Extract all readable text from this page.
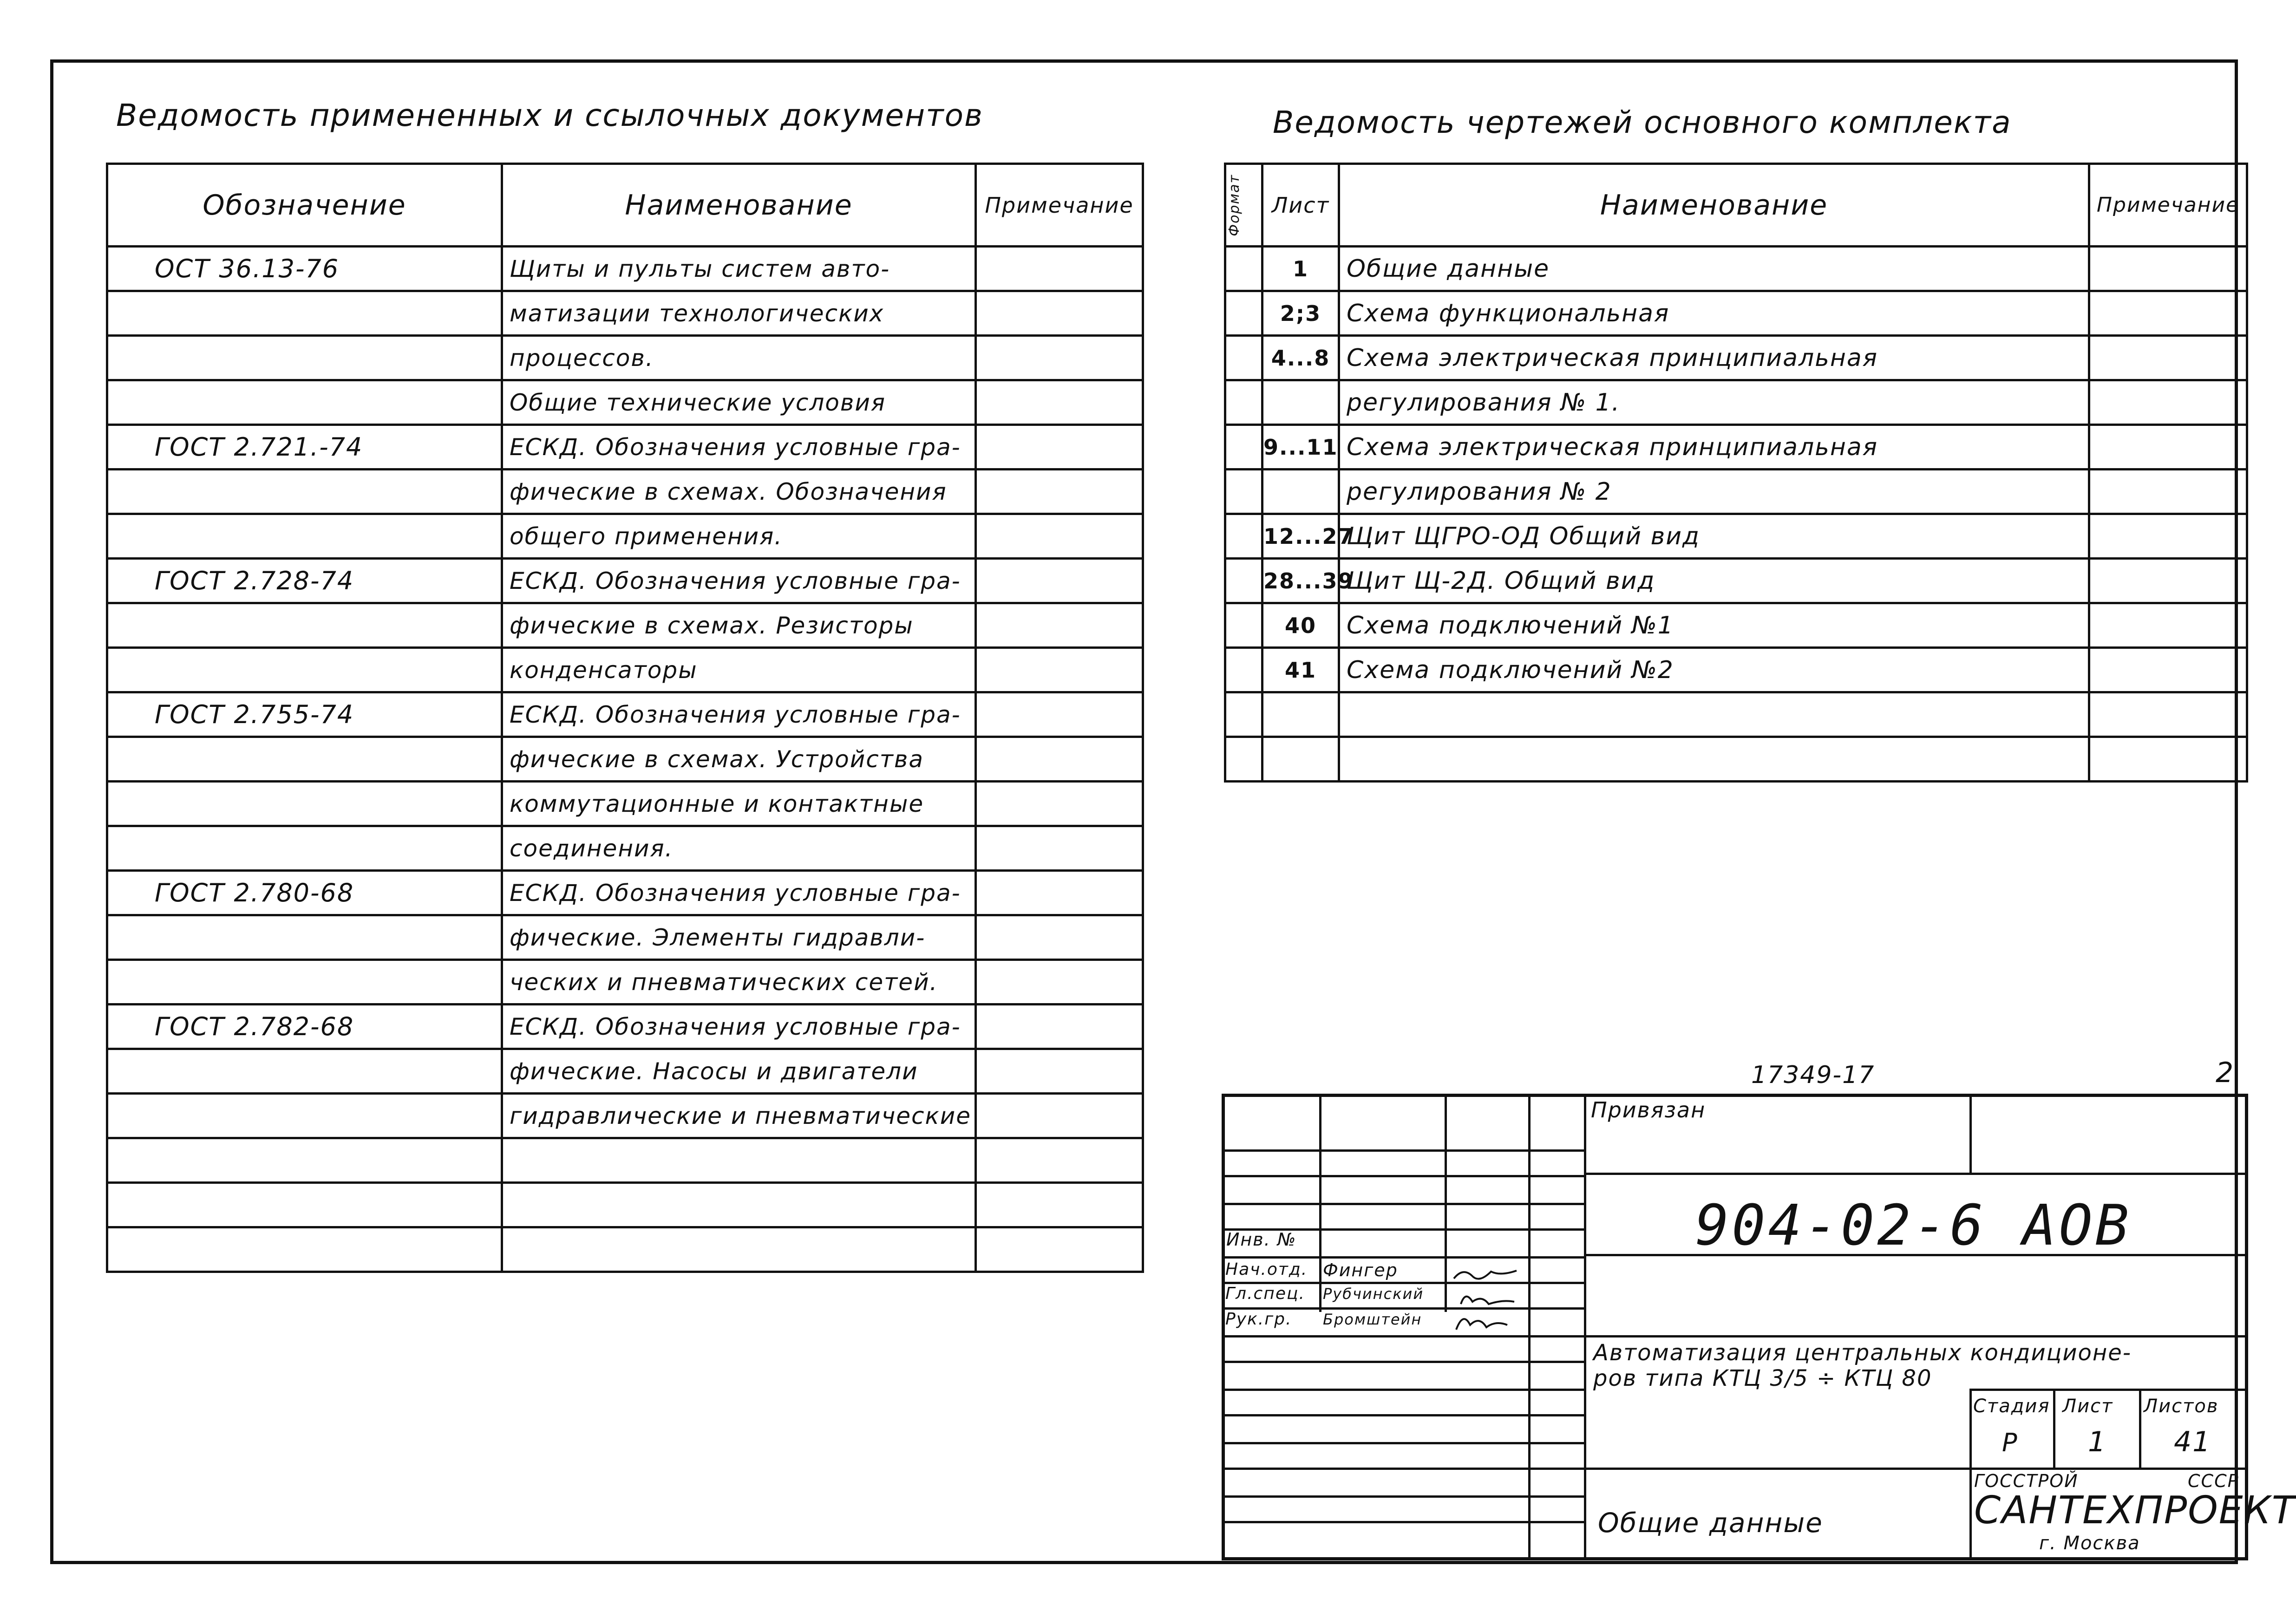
Ведомость примененных и ссылочных документов
Обозначение	Наименование	Примечание
ОСТ 36.13-76	Щиты и пульты систем авто-	
	матизации технологических	
	процессов.	
	Общие технические условия	
ГОСТ 2.721.-74	ЕСКД. Обозначения условные гра-	
	фические в схемах. Обозначения	
	общего применения.	
ГОСТ 2.728-74	ЕСКД. Обозначения условные гра-	
	фические в схемах. Резисторы	
	конденсаторы	
ГОСТ 2.755-74	ЕСКД. Обозначения условные гра-	
	фические в схемах. Устройства	
	коммутационные и контактные	
	соединения.	
ГОСТ 2.780-68	ЕСКД. Обозначения условные гра-	
	фические. Элементы гидравли-	
	ческих и пневматических сетей.	
ГОСТ 2.782-68	ЕСКД. Обозначения условные гра-	
	фические. Насосы и двигатели	
	гидравлические и пневматические	

Ведомость чертежей основного комплекта
Формат	Лист	Наименование	Примечание
	1	Общие данные	
	2;3	Схема функциональная	
	4...8	Схема электрическая принципиальная	
		регулирования № 1.	
	9...11	Схема электрическая принципиальная	
		регулирования № 2	
	12...27	Щит ЩГРО-ОД Общий вид	
	28...39	Щит Щ-2Д. Общий вид	
	40	Схема подключений №1	
	41	Схема подключений №2	

17349-17	2
Привязан
904-02-6 АОВ
Инв. №
Нач.отд. Фингер
Гл.спец. Рубчинский
Рук.гр. Бромштейн
Автоматизация центральных кондиционе-
ров типа КТЦ 3/5 ÷ КТЦ 80
Стадия Лист Листов
Р	1 41
ГОССТРОЙ	СССР
САНТЕХПРОЕКТ
г. Москва
Общие данные
